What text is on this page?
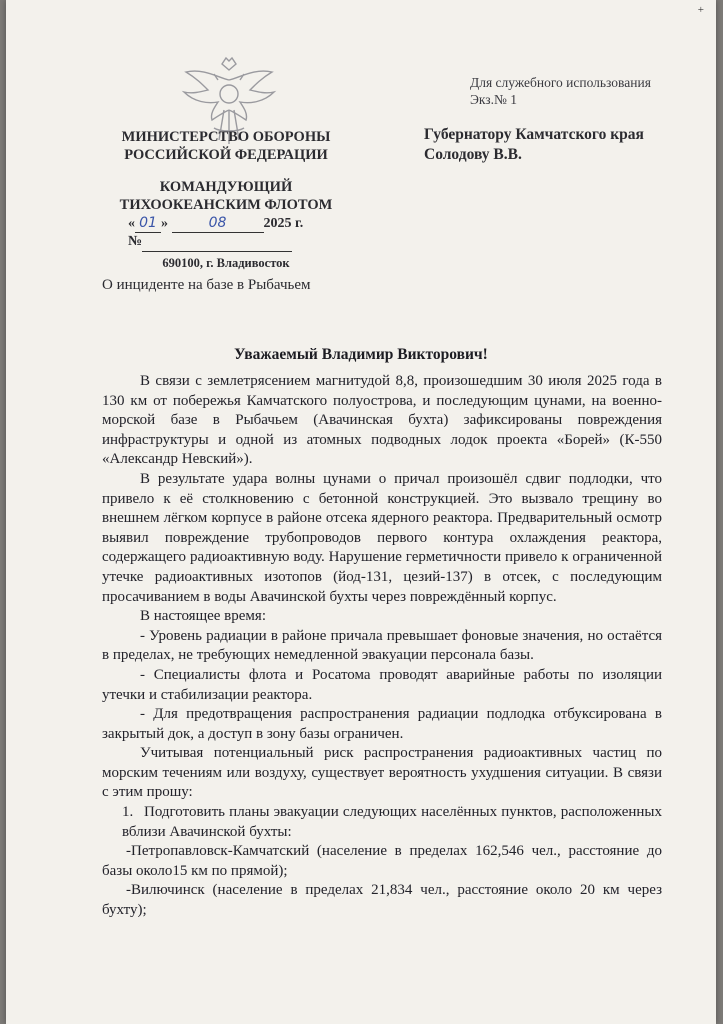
+
МИНИСТЕРСТВО ОБОРОНЫ
РОССИЙСКОЙ ФЕДЕРАЦИИ
КОМАНДУЮЩИЙ
ТИХООКЕАНСКИМ ФЛОТОМ
« 01 »	08	2025 г.
№
690100, г. Владивосток
Для служебного использования
Экз.№ 1
Губернатору Камчатского края
Солодову В.В.
О инциденте на базе в Рыбачьем
Уважаемый Владимир Викторович!

В связи с землетрясением магнитудой 8,8, произошедшим 30 июля 2025 года в 130 км от побережья Камчатского полуострова, и последующим цунами, на военно-морской базе в Рыбачьем (Авачинская бухта) зафиксированы повреждения инфраструктуры и одной из атомных подводных лодок проекта «Борей» (К-550 «Александр Невский»).

В результате удара волны цунами о причал произошёл сдвиг подлодки, что привело к её столкновению с бетонной конструкцией. Это вызвало трещину во внешнем лёгком корпусе в районе отсека ядерного реактора. Предварительный осмотр выявил повреждение трубопроводов первого контура охлаждения реактора, содержащего радиоактивную воду. Нарушение герметичности привело к ограниченной утечке радиоактивных изотопов (йод-131, цезий-137) в отсек, с последующим просачиванием в воды Авачинской бухты через повреждённый корпус.

В настоящее время:

- Уровень радиации в районе причала превышает фоновые значения, но остаётся в пределах, не требующих немедленной эвакуации персонала базы.

- Специалисты флота и Росатома проводят аварийные работы по изоляции утечки и стабилизации реактора.

- Для предотвращения распространения радиации подлодка отбуксирована в закрытый док, а доступ в зону базы ограничен.

Учитывая потенциальный риск распространения радиоактивных частиц по морским течениям или воздуху, существует вероятность ухудшения ситуации. В связи с этим прошу:

1. Подготовить планы эвакуации следующих населённых пунктов, расположенных вблизи Авачинской бухты:

-Петропавловск-Камчатский (население в пределах 162,546 чел., расстояние до базы около15 км по прямой);

-Вилючинск (население в пределах 21,834 чел., расстояние около 20 км через бухту);
